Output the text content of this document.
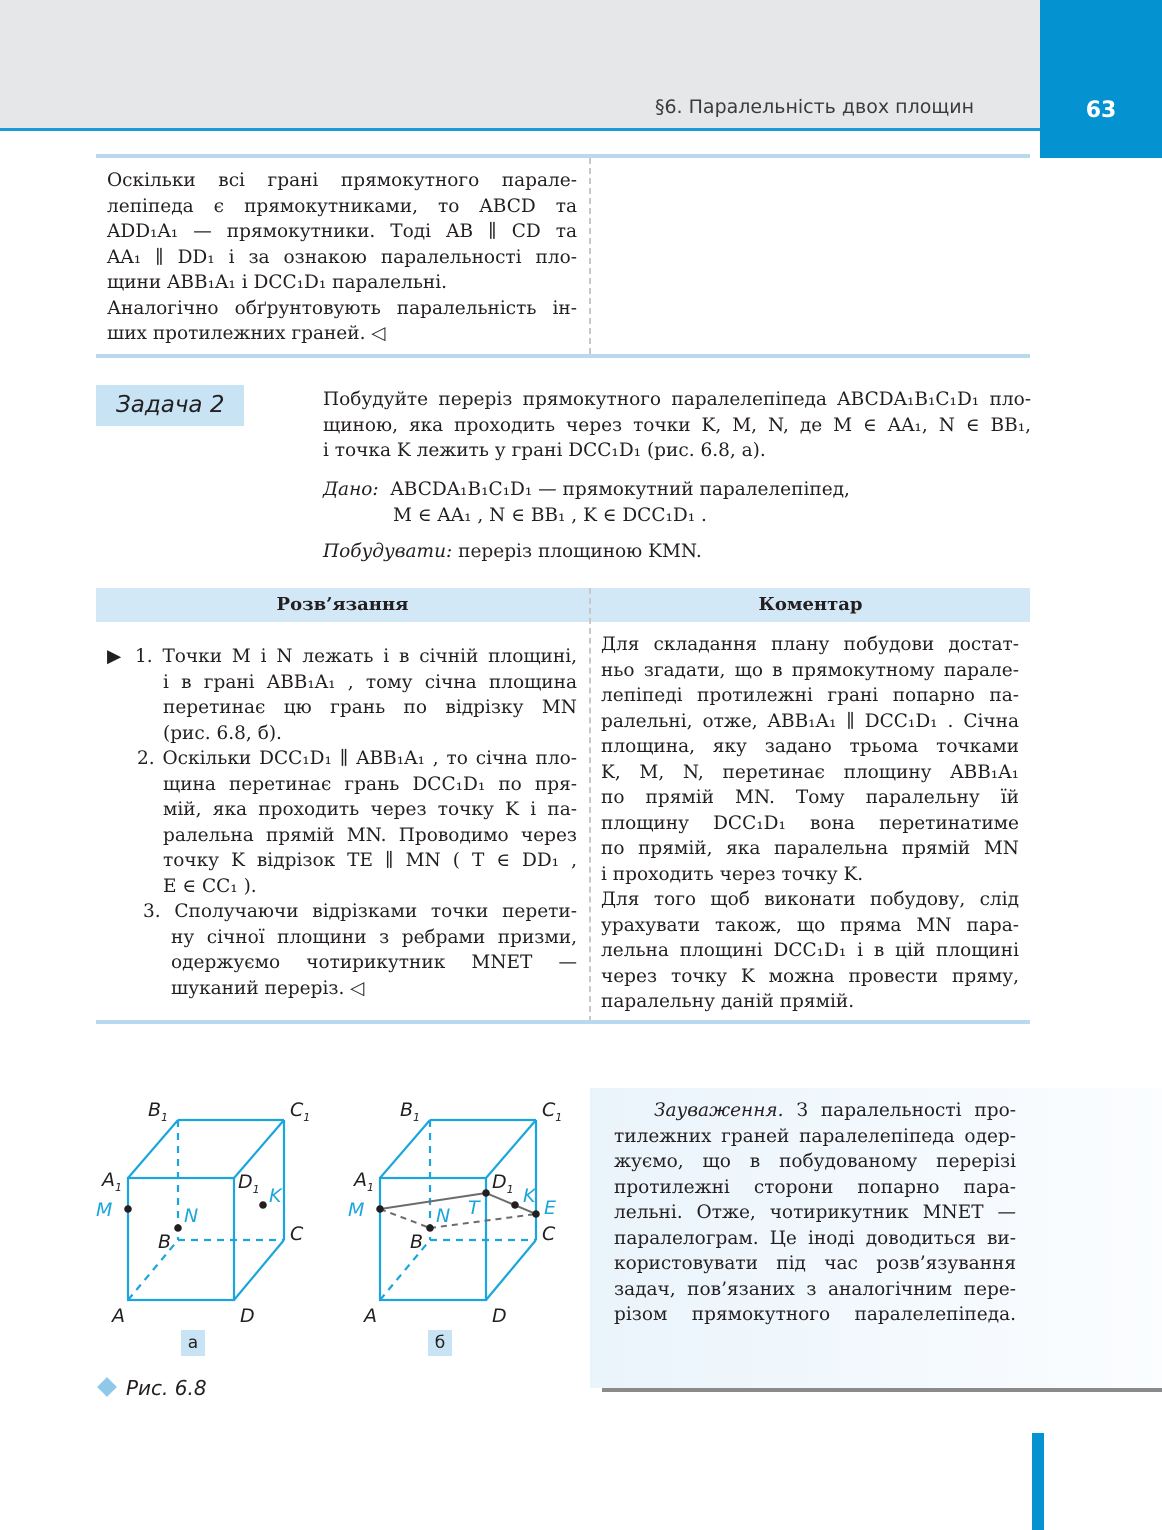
§6. Паралельність двох площин	63
Оскільки всі грані прямокутного парале-
лепіпеда є прямокутниками, то ABCD та
ADD₁A₁ — прямокутники. Тоді AB ∥ CD та
AA₁ ∥ DD₁ і за ознакою паралельності пло-
щини ABB₁A₁ і DCC₁D₁ паралельні.
Аналогічно обґрунтовують паралельність ін-
ших протилежних граней. ◁
Задача 2	Побудуйте переріз прямокутного паралелепіпеда ABCDA₁B₁C₁D₁ пло-
щиною, яка проходить через точки K, M, N, де M ∈ AA₁, N ∈ BB₁,
і точка K лежить у грані DCC₁D₁ (рис. 6.8, а).
Дано: ABCDA₁B₁C₁D₁ — прямокутний паралелепіпед,
M ∈ AA₁ , N ∈ BB₁ , K ∈ DCC₁D₁ .
Побудувати: переріз площиною KMN.
Розв’язання	Коментар
▶ 1. Точки M і N лежать і в січній площині,
і в грані ABB₁A₁ , тому січна площина
перетинає цю грань по відрізку MN
(рис. 6.8, б).
2. Оскільки DCC₁D₁ ∥ ABB₁A₁ , то січна пло-
щина перетинає грань DCC₁D₁ по пря-
мій, яка проходить через точку K і па-
ралельна прямій MN. Проводимо через
точку K відрізок TE ∥ MN ( T ∈ DD₁ ,
E ∈ CC₁ ).
3. Сполучаючи відрізками точки перети-
ну січної площини з ребрами призми,
одержуємо чотирикутник MNET —
шуканий переріз. ◁
Для складання плану побудови достат-
ньо згадати, що в прямокутному парале-
лепіпеді протилежні грані попарно па-
ралельні, отже, ABB₁A₁ ∥ DCC₁D₁ . Січна
площина, яку задано трьома точками
K, M, N, перетинає площину ABB₁A₁
по прямій MN. Тому паралельну їй
площину DCC₁D₁ вона перетинатиме
по прямій, яка паралельна прямій MN
і проходить через точку K.
Для того щоб виконати побудову, слід
урахувати також, що пряма MN пара-
лельна площині DCC₁D₁ і в цій площині
через точку K можна провести пряму,
паралельну даній прямій.
$B_1$	$C_1$
$A_1$	$D_1$
B	C
A	D
M	N
K
$B_1$	$C_1$
$A_1$	$D_1$
B	C
A	D
M	N T
K
E
а	б
Рис. 6.8
Зауваження. З паралельності про-
тилежних граней паралелепіпеда одер-
жуємо, що в побудованому перерізі
протилежні сторони попарно пара-
лельні. Отже, чотирикутник MNET —
паралелограм. Це іноді доводиться ви-
користовувати під час розв’язування
задач, пов’язаних з аналогічним пере-
різом прямокутного паралелепіпеда.
